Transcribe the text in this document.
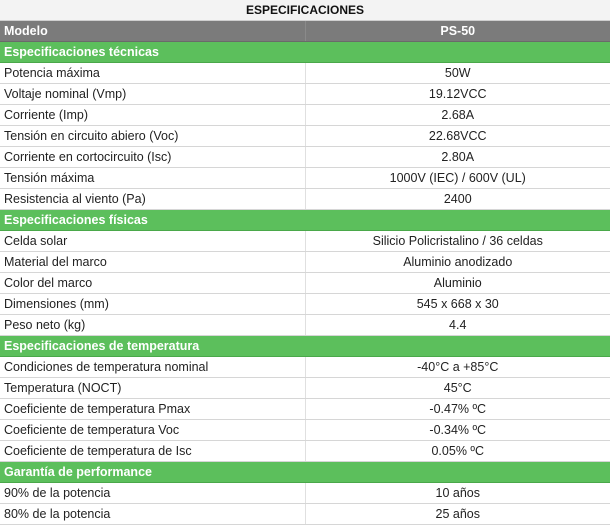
ESPECIFICACIONES
Modelo	PS-50
Especificaciones técnicas	
Potencia máxima	50W
Voltaje nominal (Vmp)	19.12VCC
Corriente (Imp)	2.68A
Tensión en circuito abiero (Voc)	22.68VCC
Corriente en cortocircuito (Isc)	2.80A
Tensión máxima	1000V (IEC) / 600V (UL)
Resistencia al viento (Pa)	2400
Especificaciones físicas	
Celda solar	Silicio Policristalino / 36 celdas
Material del marco	Aluminio anodizado
Color del marco	Aluminio
Dimensiones (mm)	545 x 668 x 30
Peso neto (kg)	4.4
Especificaciones de temperatura	
Condiciones de temperatura nominal	-40°C a +85°C
Temperatura (NOCT)	45°C
Coeficiente de temperatura Pmax	-0.47% ºC
Coeficiente de temperatura Voc	-0.34% ºC
Coeficiente de temperatura de Isc	0.05% ºC
Garantía de performance	
90% de la potencia	10 años
80% de la potencia	25 años
